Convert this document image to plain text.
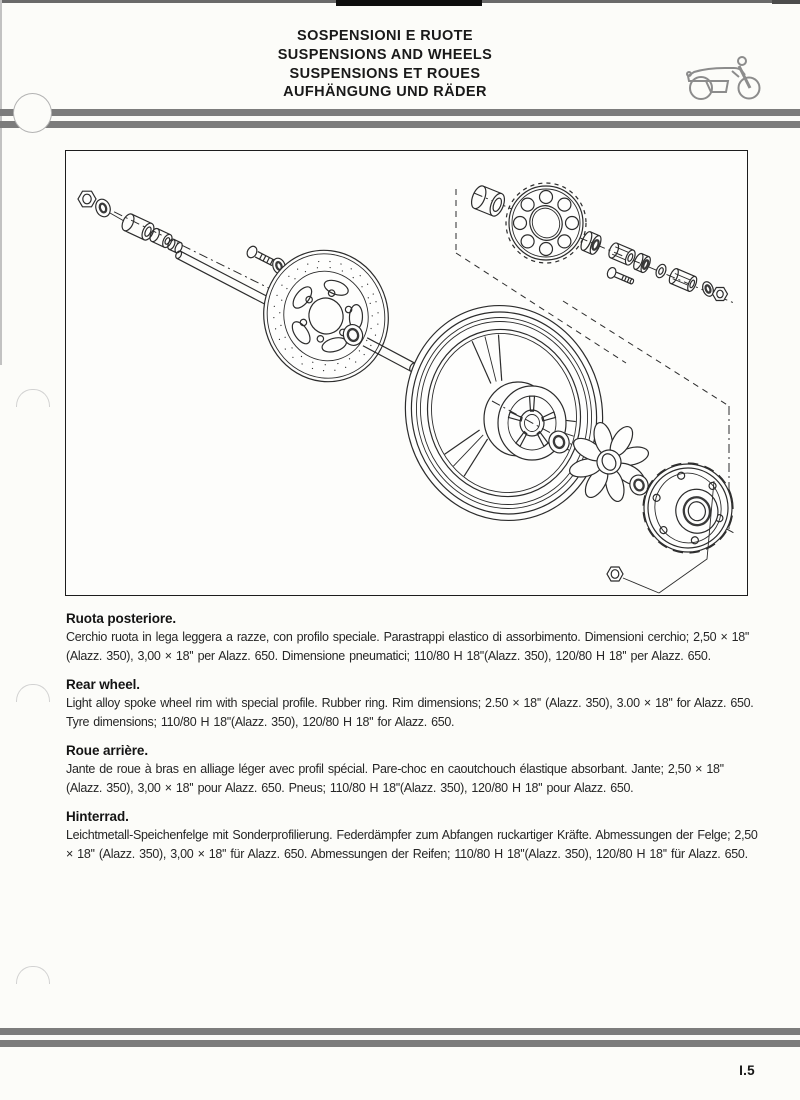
SOSPENSIONI E RUOTE
SUSPENSIONS AND WHEELS
SUSPENSIONS ET ROUES
AUFHÄNGUNG UND RÄDER
Ruota posteriore.

Cerchio ruota in lega leggera a razze, con profilo speciale. Parastrappi elastico di assorbimento. Dimensioni cerchio; 2,50 × 18'' (Alazz. 350), 3,00 × 18'' per Alazz. 650. Dimensione pneumatici; 110/80 H 18''(Alazz. 350), 120/80 H 18'' per Alazz. 650.

Rear wheel.

Light alloy spoke wheel rim with special profile. Rubber ring. Rim dimensions; 2.50 × 18'' (Alazz. 350), 3.00 × 18'' for Alazz. 650. Tyre dimensions; 110/80 H 18''(Alazz. 350), 120/80 H 18'' for Alazz. 650.

Roue arrière.

Jante de roue à bras en alliage léger avec profil spécial. Pare-choc en caoutchouch élastique absorbant. Jante; 2,50 × 18'' (Alazz. 350), 3,00 × 18'' pour Alazz. 650. Pneus; 110/80 H 18''(Alazz. 350), 120/80 H 18'' pour Alazz. 650.

Hinterrad.

Leichtmetall-Speichenfelge mit Sonderprofilierung. Federdämpfer zum Abfangen ruckartiger Kräfte. Abmessungen der Felge; 2,50 × 18'' (Alazz. 350), 3,00 × 18'' für Alazz. 650. Abmessungen der Reifen; 110/80 H 18''(Alazz. 350), 120/80 H 18'' für Alazz. 650.

I.5
